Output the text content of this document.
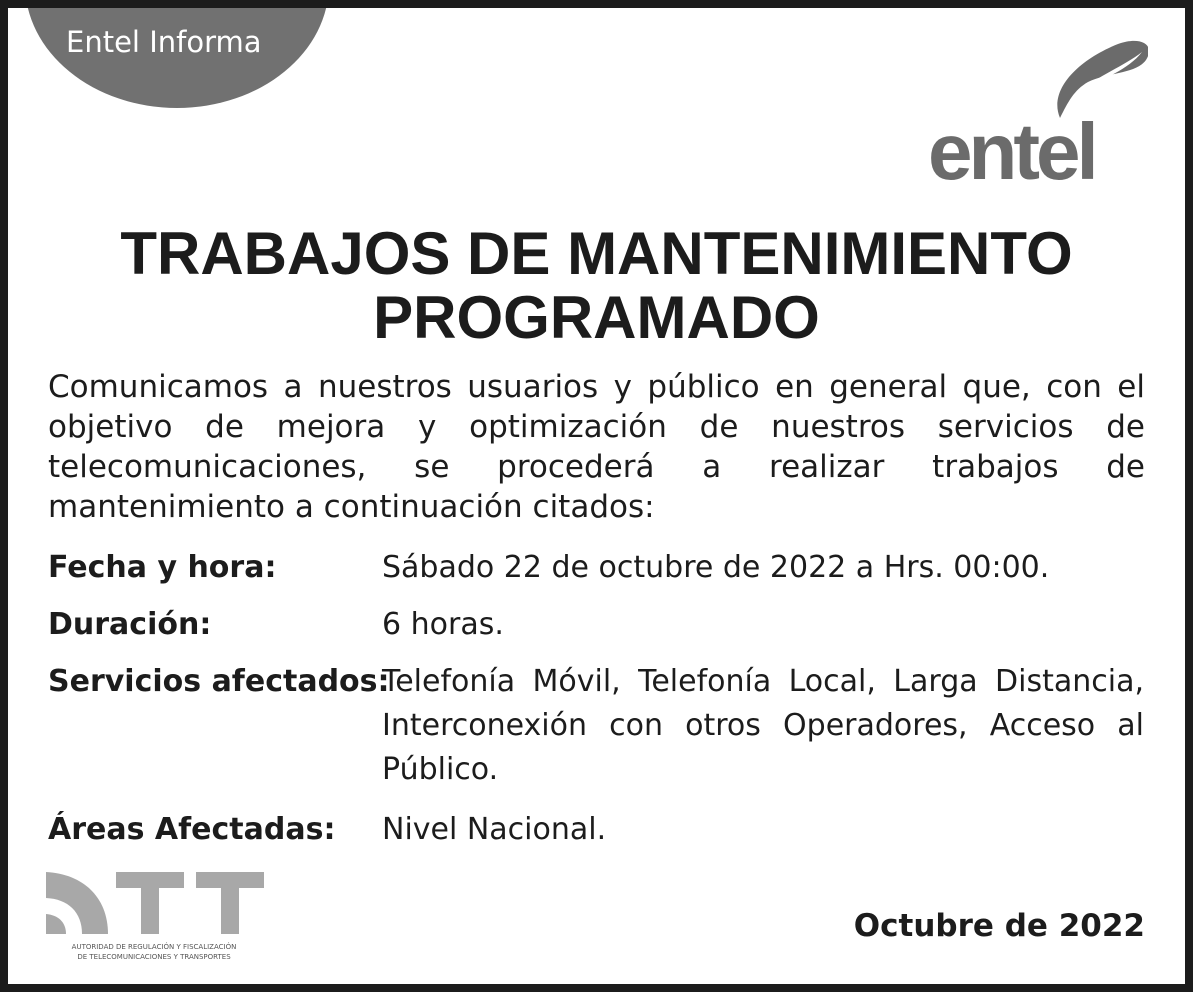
Entel Informa
entel
TRABAJOS DE MANTENIMIENTO
PROGRAMADO

Comunicamos a nuestros usuarios y público en general que, con el objetivo de mejora y optimización de nuestros servicios de telecomunicaciones, se procederá a realizar trabajos de mantenimiento a continuación citados:

Fecha y hora:	Sábado 22 de octubre de 2022 a Hrs. 00:00.
Duración:	6 horas.
Servicios afectados:
Telefonía Móvil, Telefonía Local, Larga Distancia, Interconexión con otros Operadores, Acceso al Público.
Áreas Afectadas: Nivel Nacional.
AUTORIDAD DE REGULACIÓN Y FISCALIZACIÓN
DE TELECOMUNICACIONES Y TRANSPORTES
Octubre de 2022
